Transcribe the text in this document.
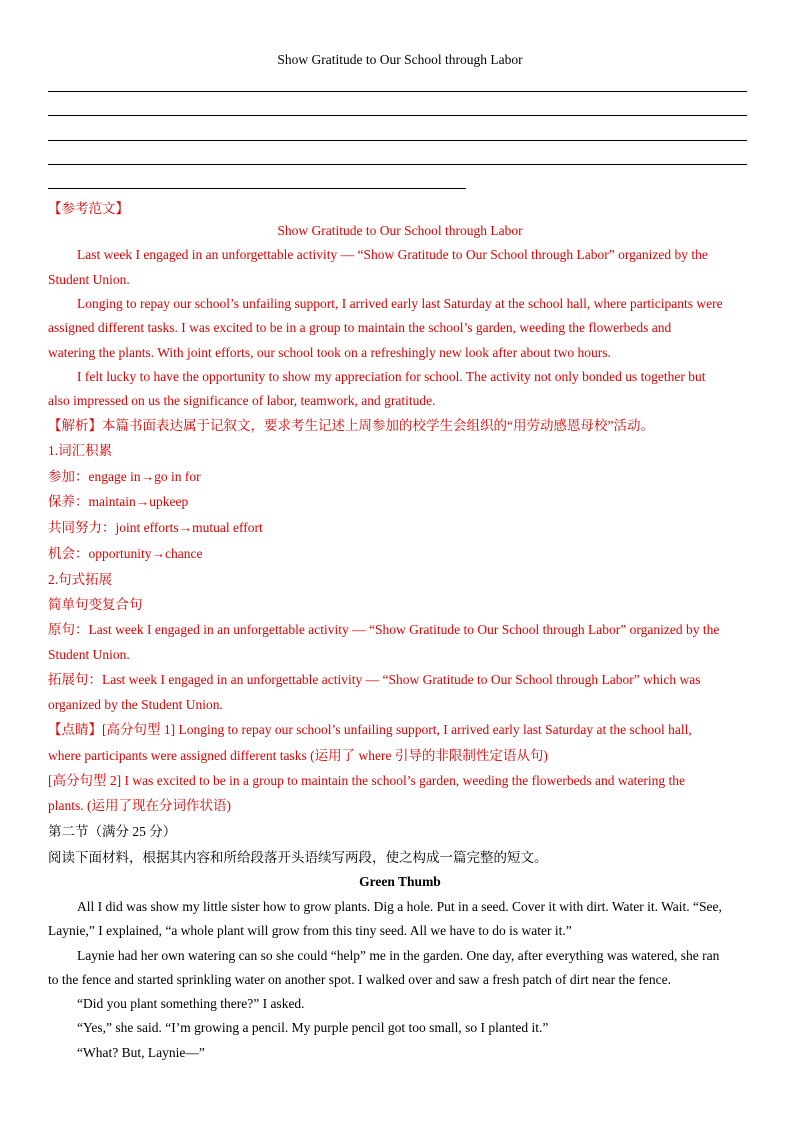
Show Gratitude to Our School through Labor
【参考范文】
Show Gratitude to Our School through Labor
Last week I engaged in an unforgettable activity — “Show Gratitude to Our School through Labor” organized by the
Student Union.
Longing to repay our school’s unfailing support, I arrived early last Saturday at the school hall, where participants were
assigned different tasks. I was excited to be in a group to maintain the school’s garden, weeding the flowerbeds and
watering the plants. With joint efforts, our school took on a refreshingly new look after about two hours.
I felt lucky to have the opportunity to show my appreciation for school. The activity not only bonded us together but
also impressed on us the significance of labor, teamwork, and gratitude.
【解析】本篇书面表达属于记叙文，要求考生记述上周参加的校学生会组织的“用劳动感恩母校”活动。
1.词汇积累
参加：engage in→go in for
保养：maintain→upkeep
共同努力：joint efforts→mutual effort
机会：opportunity→chance
2.句式拓展
简单句变复合句
原句：Last week I engaged in an unforgettable activity — “Show Gratitude to Our School through Labor” organized by the
Student Union.
拓展句：Last week I engaged in an unforgettable activity — “Show Gratitude to Our School through Labor” which was
organized by the Student Union.
【点睛】[高分句型 1] Longing to repay our school’s unfailing support, I arrived early last Saturday at the school hall,
where participants were assigned different tasks (运用了 where 引导的非限制性定语从句)
[高分句型 2] I was excited to be in a group to maintain the school’s garden, weeding the flowerbeds and watering the
plants. (运用了现在分词作状语)
第二节（满分 25 分）
阅读下面材料，根据其内容和所给段落开头语续写两段，使之构成一篇完整的短文。
Green Thumb
All I did was show my little sister how to grow plants. Dig a hole. Put in a seed. Cover it with dirt. Water it. Wait. “See,
Laynie,” I explained, “a whole plant will grow from this tiny seed. All we have to do is water it.”
Laynie had her own watering can so she could “help” me in the garden. One day, after everything was watered, she ran
to the fence and started sprinkling water on another spot. I walked over and saw a fresh patch of dirt near the fence.
“Did you plant something there?” I asked.
“Yes,” she said. “I’m growing a pencil. My purple pencil got too small, so I planted it.”
“What? But, Laynie—”
